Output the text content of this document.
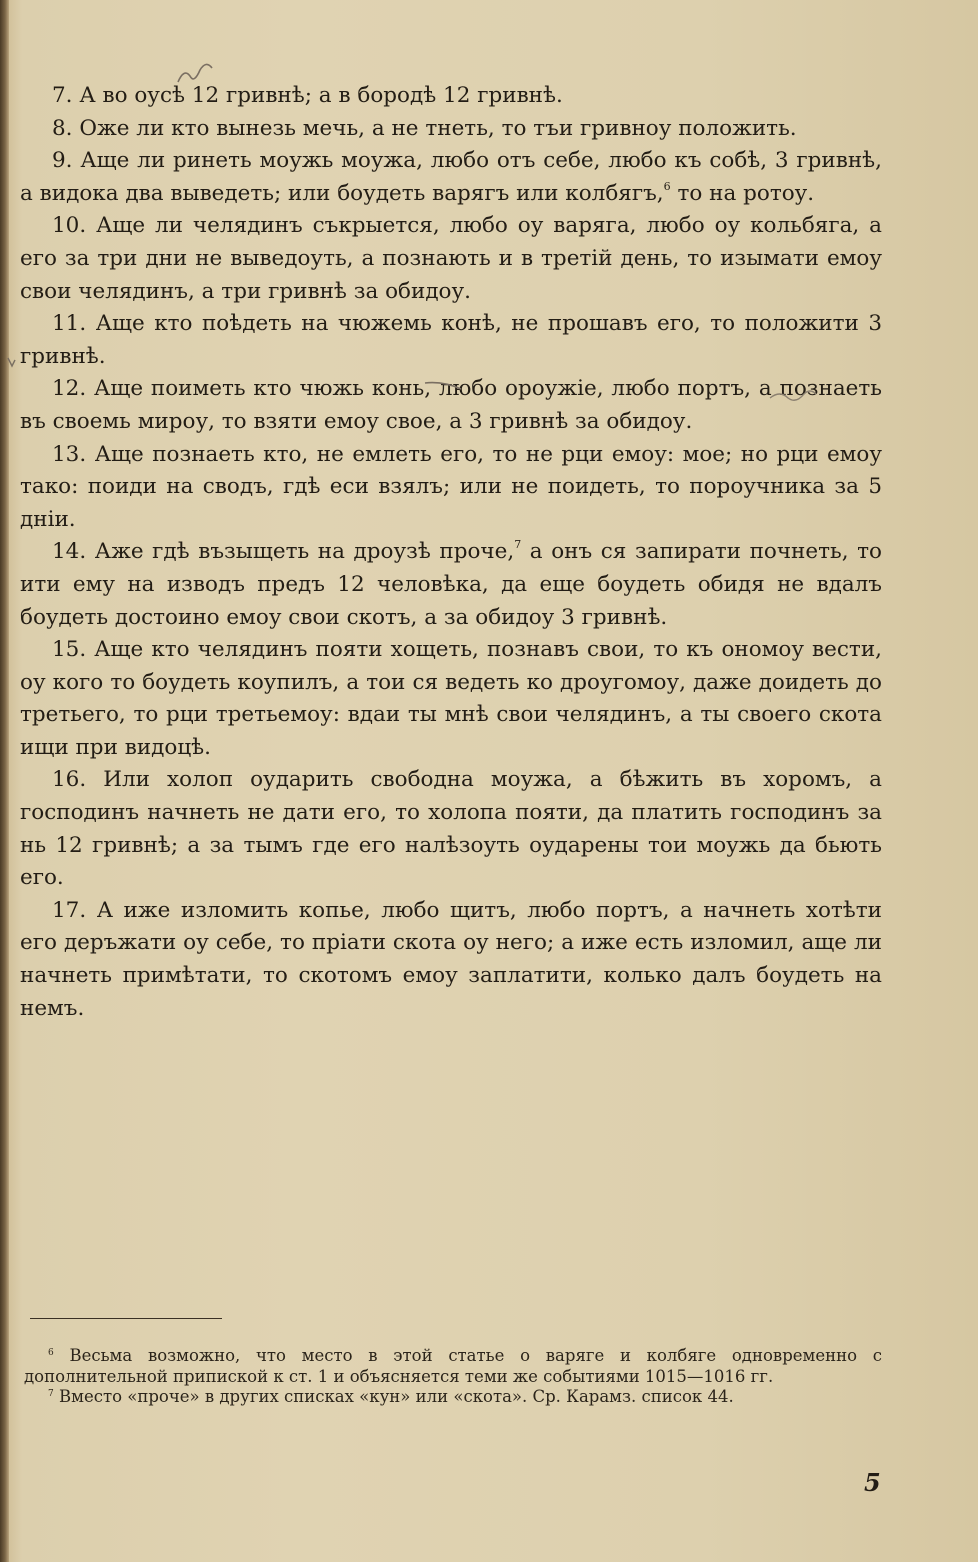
7. А во оусѣ 12 гривнѣ; а в бородѣ 12 гривнѣ.

8. Оже ли кто вынезь мечь, а не тнеть, то тъи гривноу положить.

9. Аще ли ринеть моужь моужа, любо отъ себе, любо къ собѣ, 3 гривнѣ, а видока два выведеть; или боудеть варягъ или колбягъ,$^6$ то на ротоу.

10. Аще ли челядинъ съкрыется, любо оу варяга, любо оу кольбяга, а его за три дни не выведоуть, а познають и в третій день, то изымати емоу свои челядинъ, а три гривнѣ за обидоу.

11. Аще кто поѣдеть на чюжемь конѣ, не прошавъ его, то положити 3 гривнѣ.

12. Аще поиметь кто чюжь конь, любо ороужіе, любо портъ, а познаеть въ своемь мироу, то взяти емоу свое, а 3 гривнѣ за обидоу.

13. Аще познаеть кто, не емлеть его, то не рци емоу: мое; но рци емоу тако: поиди на сводъ, гдѣ еси взялъ; или не поидеть, то пороучника за 5 дніи.

14. Аже гдѣ възыщеть на дроузѣ проче,$^7$ а онъ ся запирати почнеть, то ити ему на изводъ предъ 12 человѣка, да еще боудеть обидя не вдалъ боудеть достоино емоу свои скотъ, а за обидоу 3 гривнѣ.

15. Аще кто челядинъ пояти хощеть, познавъ свои, то къ ономоу вести, оу кого то боудеть коупилъ, а тои ся ведеть ко дроугомоу, даже доидеть до третьего, то рци третьемоу: вдаи ты мнѣ свои челядинъ, а ты своего скота ищи при видоцѣ.

16. Или холоп оударить свободна моужа, а бѣжить въ хоромъ, а господинъ начнеть не дати его, то холопа пояти, да платить господинъ за нь 12 гривнѣ; а за тымъ где его налѣзоуть оударены тои моужь да бьють его.

17. А иже изломить копье, любо щитъ, любо портъ, а начнеть хотѣти его деръжати оу себе, то пріати скота оу него; а иже есть изломил, аще ли начнеть примѣтати, то скотомъ емоу заплатити, колько далъ боудеть на немъ.

$^6$ Весьма возможно, что место в этой статье о варяге и колбяге одновременно с дополнительной припиской к ст. 1 и объясняется теми же событиями 1015—1016 гг.

$^7$ Вместо «проче» в других списках «кун» или «скота». Ср. Карамз. список 44.

5
